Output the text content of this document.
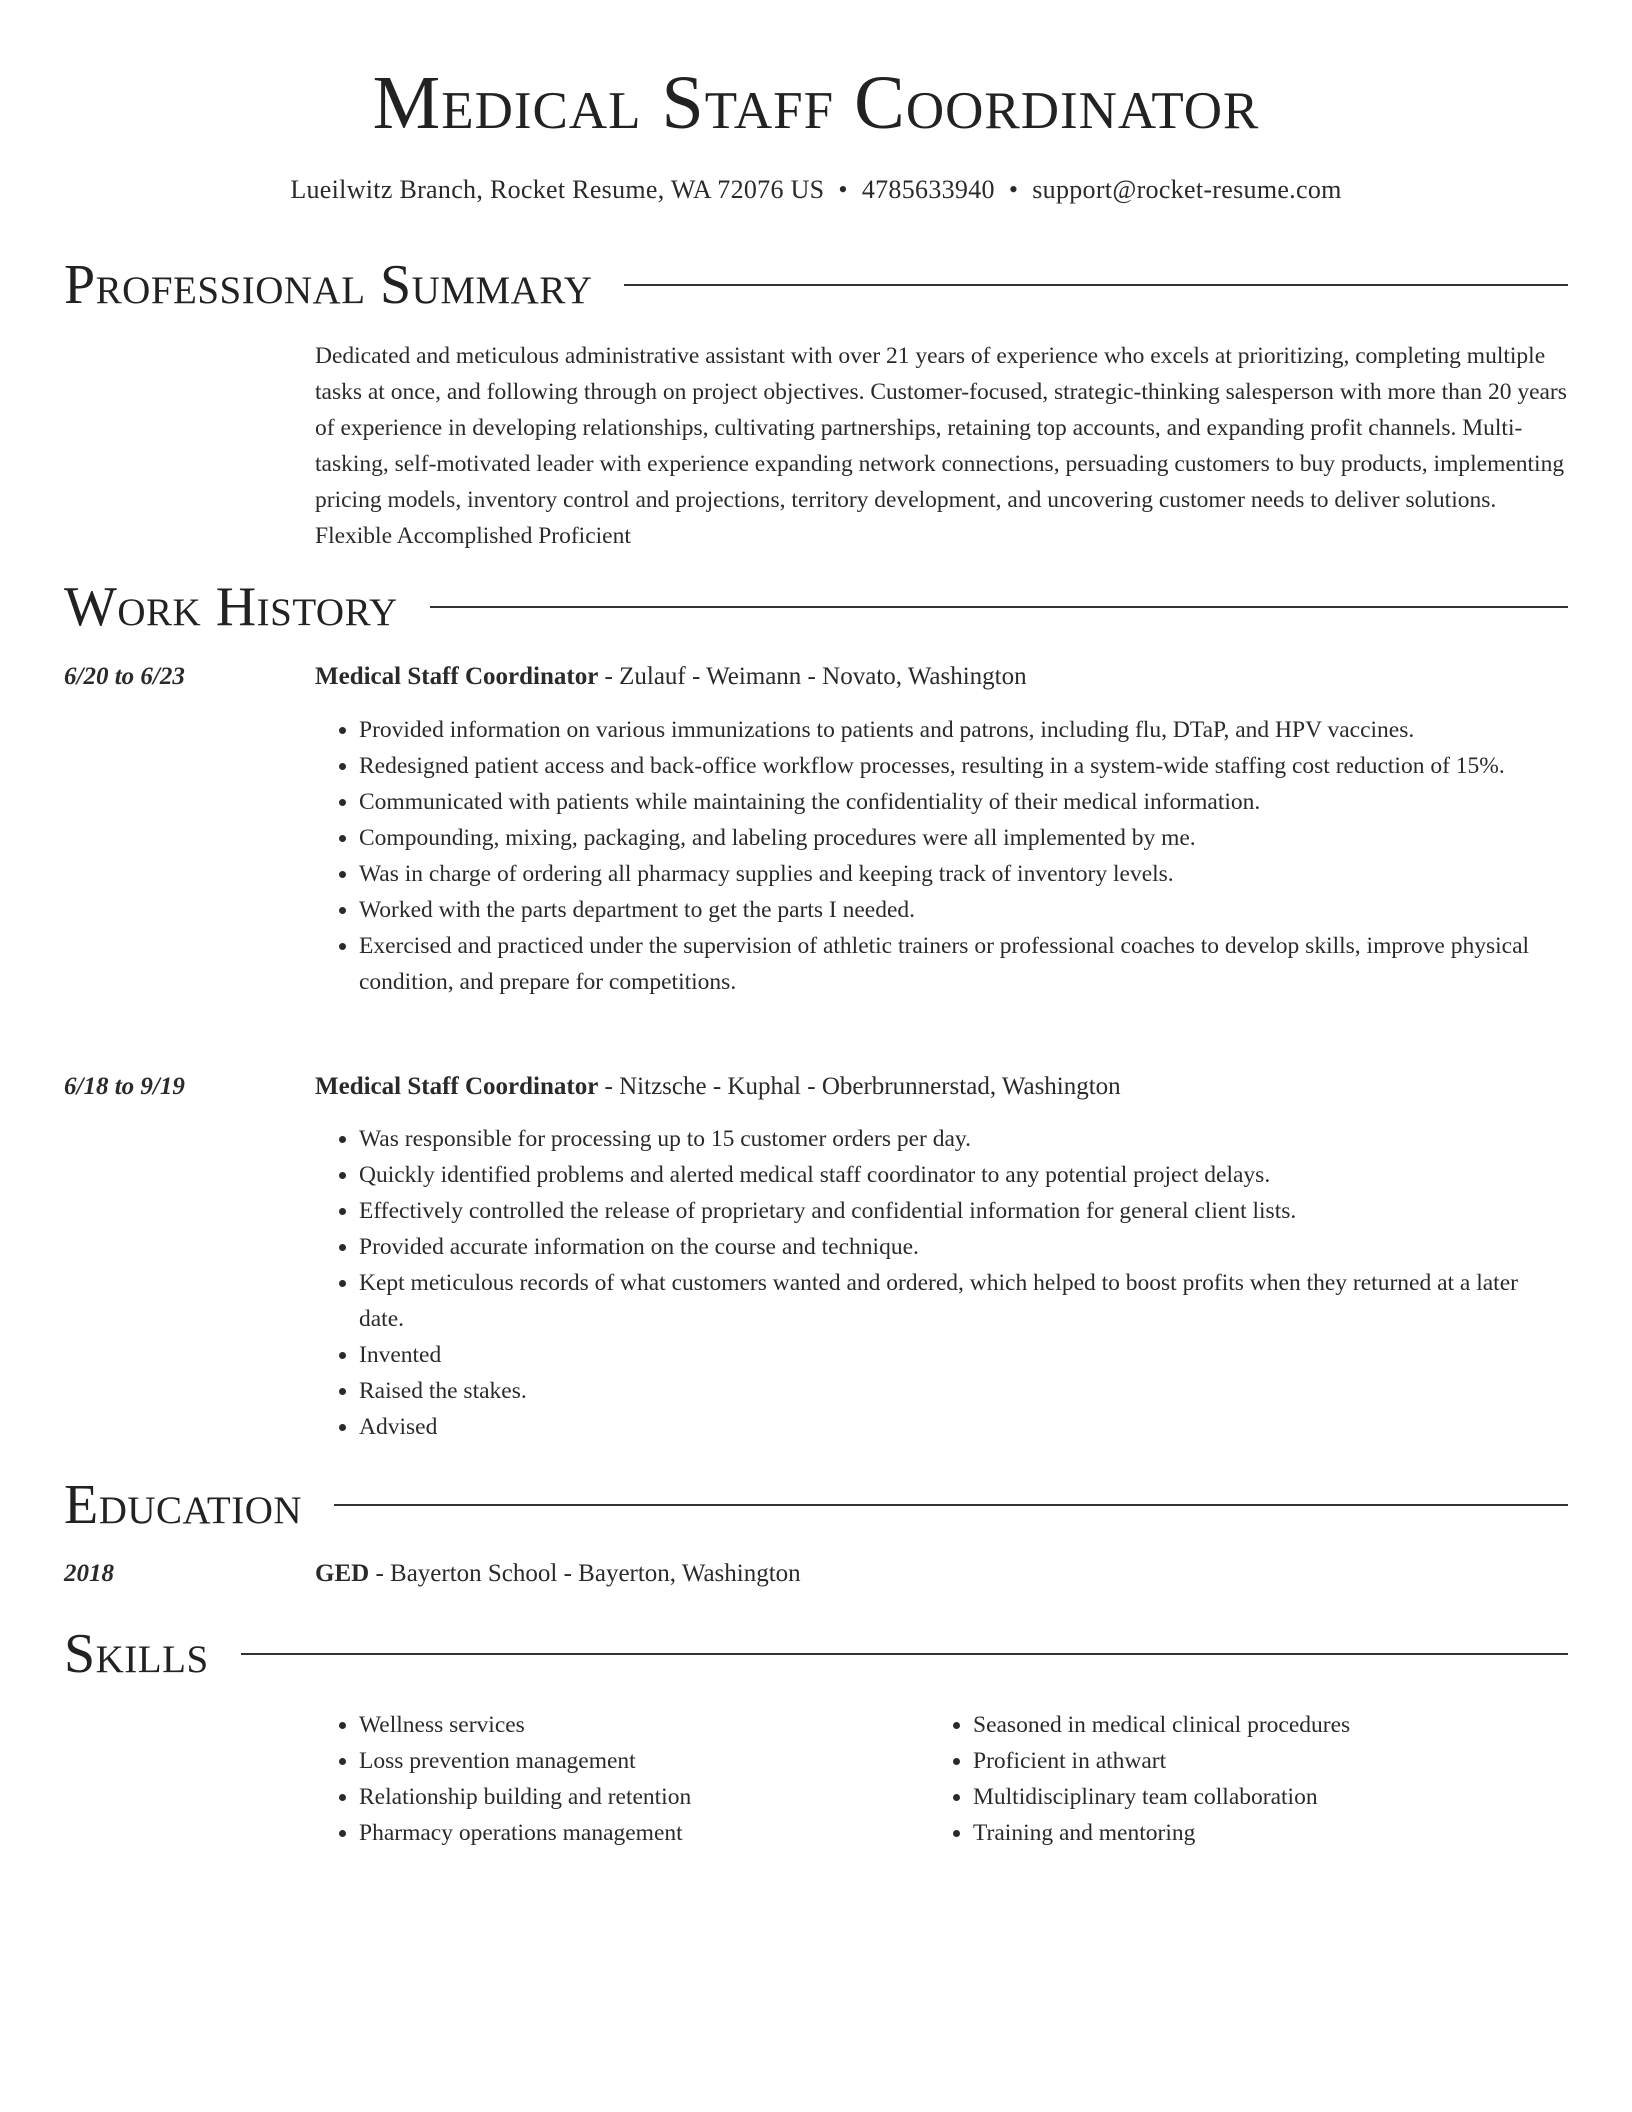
Medical Staff Coordinator
Lueilwitz Branch, Rocket Resume, WA 72076 US • 4785633940 • support@rocket-resume.com
Professional Summary
Dedicated and meticulous administrative assistant with over 21 years of experience who excels at prioritizing, completing multiple tasks at once, and following through on project objectives. Customer-focused, strategic-thinking salesperson with more than 20 years of experience in developing relationships, cultivating partnerships, retaining top accounts, and expanding profit channels. Multi-tasking, self-motivated leader with experience expanding network connections, persuading customers to buy products, implementing pricing models, inventory control and projections, territory development, and uncovering customer needs to deliver solutions. Flexible Accomplished Proficient
Work History
6/20 to 6/23	Medical Staff Coordinator - Zulauf - Weimann - Novato, Washington
• Provided information on various immunizations to patients and patrons, including flu, DTaP, and HPV vaccines.
• Redesigned patient access and back-office workflow processes, resulting in a system-wide staffing cost reduction of 15%.
• Communicated with patients while maintaining the confidentiality of their medical information.
• Compounding, mixing, packaging, and labeling procedures were all implemented by me.
• Was in charge of ordering all pharmacy supplies and keeping track of inventory levels.
• Worked with the parts department to get the parts I needed.
• Exercised and practiced under the supervision of athletic trainers or professional coaches to develop skills, improve physical condition, and prepare for competitions.
6/18 to 9/19	Medical Staff Coordinator - Nitzsche - Kuphal - Oberbrunnerstad, Washington
• Was responsible for processing up to 15 customer orders per day.
• Quickly identified problems and alerted medical staff coordinator to any potential project delays.
• Effectively controlled the release of proprietary and confidential information for general client lists.
• Provided accurate information on the course and technique.
• Kept meticulous records of what customers wanted and ordered, which helped to boost profits when they returned at a later date.
• Invented
• Raised the stakes.
• Advised
Education
2018	GED - Bayerton School - Bayerton, Washington
Skills
• Wellness services
• Loss prevention management
• Relationship building and retention
• Pharmacy operations management
• Seasoned in medical clinical procedures
• Proficient in athwart
• Multidisciplinary team collaboration
• Training and mentoring
